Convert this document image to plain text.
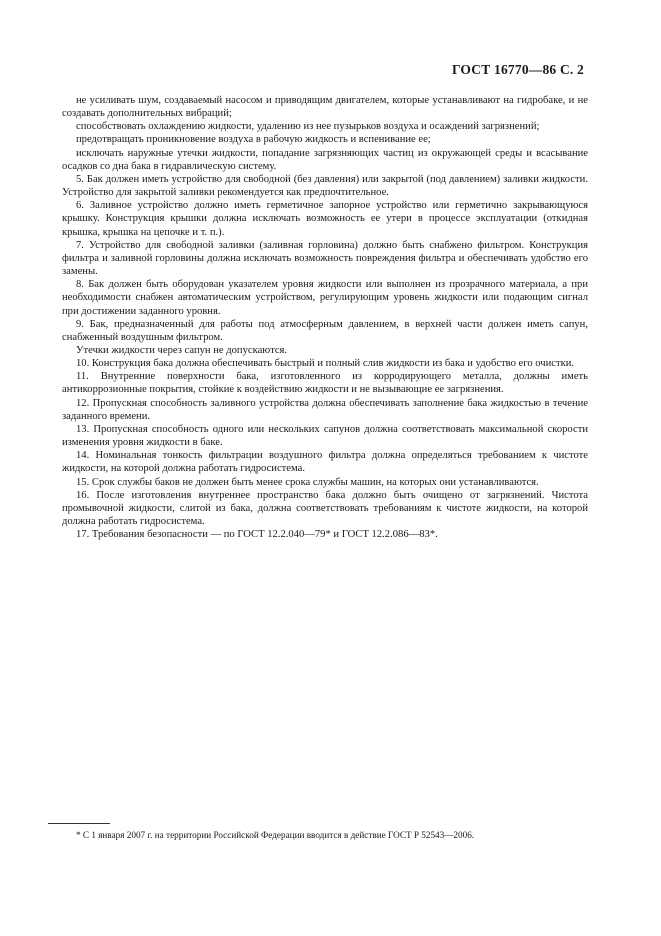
ГОСТ 16770—86 С. 2

не усиливать шум, создаваемый насосом и приводящим двигателем, которые устанавливают на гидробаке, и не создавать дополнительных вибраций;

способствовать охлаждению жидкости, удалению из нее пузырьков воздуха и осаждений загрязнений;

предотвращать проникновение воздуха в рабочую жидкость и вспенивание ее;

исключать наружные утечки жидкости, попадание загрязняющих частиц из окружающей среды и всасывание осадков со дна бака в гидравлическую систему.

5. Бак должен иметь устройство для свободной (без давления) или закрытой (под давлением) заливки жидкости. Устройство для закрытой заливки рекомендуется как предпочтительное.

6. Заливное устройство должно иметь герметичное запорное устройство или герметично закрывающуюся крышку. Конструкция крышки должна исключать возможность ее утери в процессе эксплуатации (откидная крышка, крышка на цепочке и т. п.).

7. Устройство для свободной заливки (заливная горловина) должно быть снабжено фильтром. Конструкция фильтра и заливной горловины должна исключать возможность повреждения фильтра и обеспечивать удобство его замены.

8. Бак должен быть оборудован указателем уровня жидкости или выполнен из прозрачного материала, а при необходимости снабжен автоматическим устройством, регулирующим уровень жидкости или подающим сигнал при достижении заданного уровня.

9. Бак, предназначенный для работы под атмосферным давлением, в верхней части должен иметь сапун, снабженный воздушным фильтром.

Утечки жидкости через сапун не допускаются.

10. Конструкция бака должна обеспечивать быстрый и полный слив жидкости из бака и удобство его очистки.

11. Внутренние поверхности бака, изготовленного из корродирующего металла, должны иметь антикоррозионные покрытия, стойкие к воздействию жидкости и не вызывающие ее загрязнения.

12. Пропускная способность заливного устройства должна обеспечивать заполнение бака жидкостью в течение заданного времени.

13. Пропускная способность одного или нескольких сапунов должна соответствовать максимальной скорости изменения уровня жидкости в баке.

14. Номинальная тонкость фильтрации воздушного фильтра должна определяться требованием к чистоте жидкости, на которой должна работать гидросистема.

15. Срок службы баков не должен быть менее срока службы машин, на которых они устанавливаются.

16. После изготовления внутреннее пространство бака должно быть очищено от загрязнений. Чистота промывочной жидкости, слитой из бака, должна соответствовать требованиям к чистоте жидкости, на которой должна работать гидросистема.

17. Требования безопасности — по ГОСТ 12.2.040—79* и ГОСТ 12.2.086—83*.

* С 1 января 2007 г. на территории Российской Федерации вводится в действие ГОСТ Р 52543—2006.
